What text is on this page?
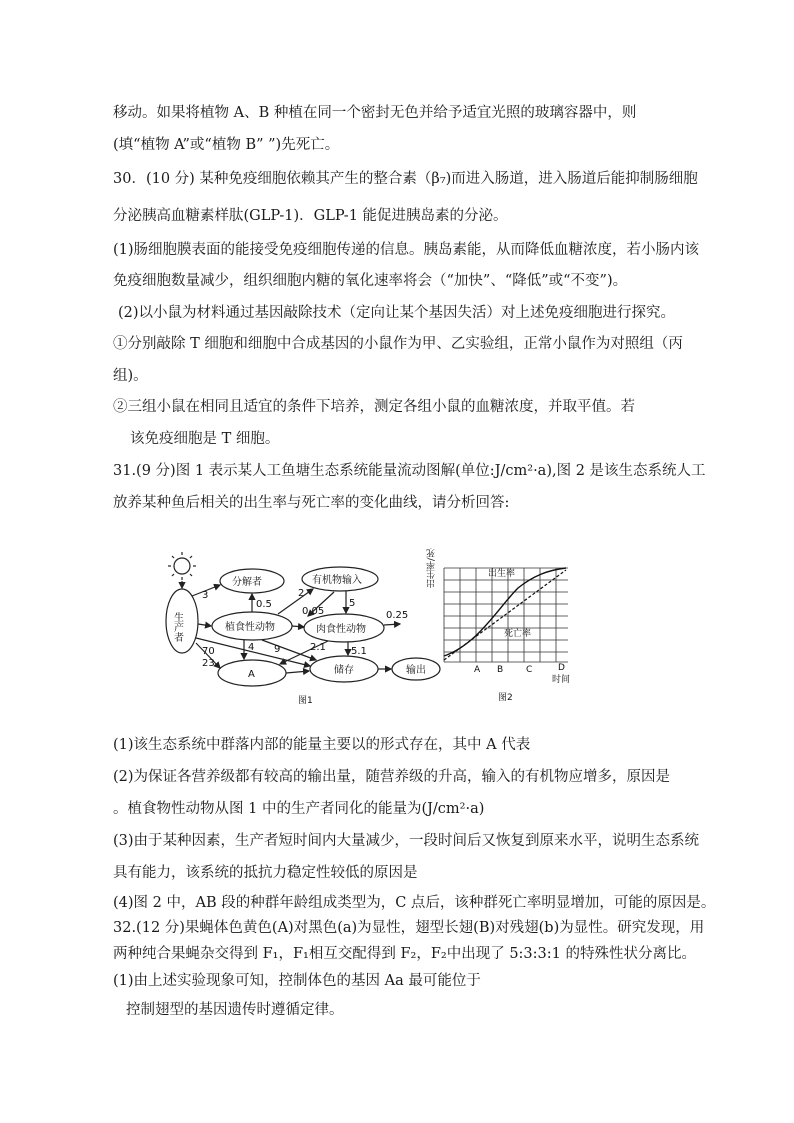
移动。如果将植物 A、B 种植在同一个密封无色并给予适宜光照的玻璃容器中，则
(填“植物 A”或“植物 B” ”)先死亡。
30．(10 分) 某种免疫细胞依赖其产生的整合素（β₇)而进入肠道，进入肠道后能抑制肠细胞
分泌胰高血糖素样肽(GLP-1)．GLP-1 能促进胰岛素的分泌。
(1)肠细胞膜表面的能接受免疫细胞传递的信息。胰岛素能，从而降低血糖浓度，若小肠内该
免疫细胞数量减少，组织细胞内糖的氧化速率将会（“加快”、“降低”或“不变”)。
(2)以小鼠为材料通过基因敲除技术（定向让某个基因失活）对上述免疫细胞进行探究。
①分别敲除 T 细胞和细胞中合成基因的小鼠作为甲、乙实验组，正常小鼠作为对照组（丙
组)。
②三组小鼠在相同且适宜的条件下培养，测定各组小鼠的血糖浓度，并取平值。若
该免疫细胞是 T 细胞。
31.(9 分)图 1 表示某人工鱼塘生态系统能量流动图解(单位:J/cm²·a),图 2 是该生态系统人工
放养某种鱼后相关的出生率与死亡率的变化曲线，请分析回答:
生产者
分解者	有机物输入
植食性动物	肉食性动物
A	储存	输出
3
0.5
2
0.05
5
0.25
70	4 9	2.1
23
5.1
图1
出生率/死亡率	出生率
死亡率
A B	C	D
时间
图2
(1)该生态系统中群落内部的能量主要以的形式存在，其中 A 代表
(2)为保证各营养级都有较高的输出量，随营养级的升高，输入的有机物应增多，原因是
。植食物性动物从图 1 中的生产者同化的能量为(J/cm²·a)
(3)由于某种因素，生产者短时间内大量减少，一段时间后又恢复到原来水平，说明生态系统
具有能力，该系统的抵抗力稳定性较低的原因是
(4)图 2 中，AB 段的种群年龄组成类型为，C 点后，该种群死亡率明显增加，可能的原因是。
32.(12 分)果蝇体色黄色(A)对黑色(a)为显性，翅型长翅(B)对残翅(b)为显性。研究发现，用
两种纯合果蝇杂交得到 F₁，F₁相互交配得到 F₂，F₂中出现了 5:3:3:1 的特殊性状分离比。
(1)由上述实验现象可知，控制体色的基因 Aa 最可能位于
控制翅型的基因遗传时遵循定律。
